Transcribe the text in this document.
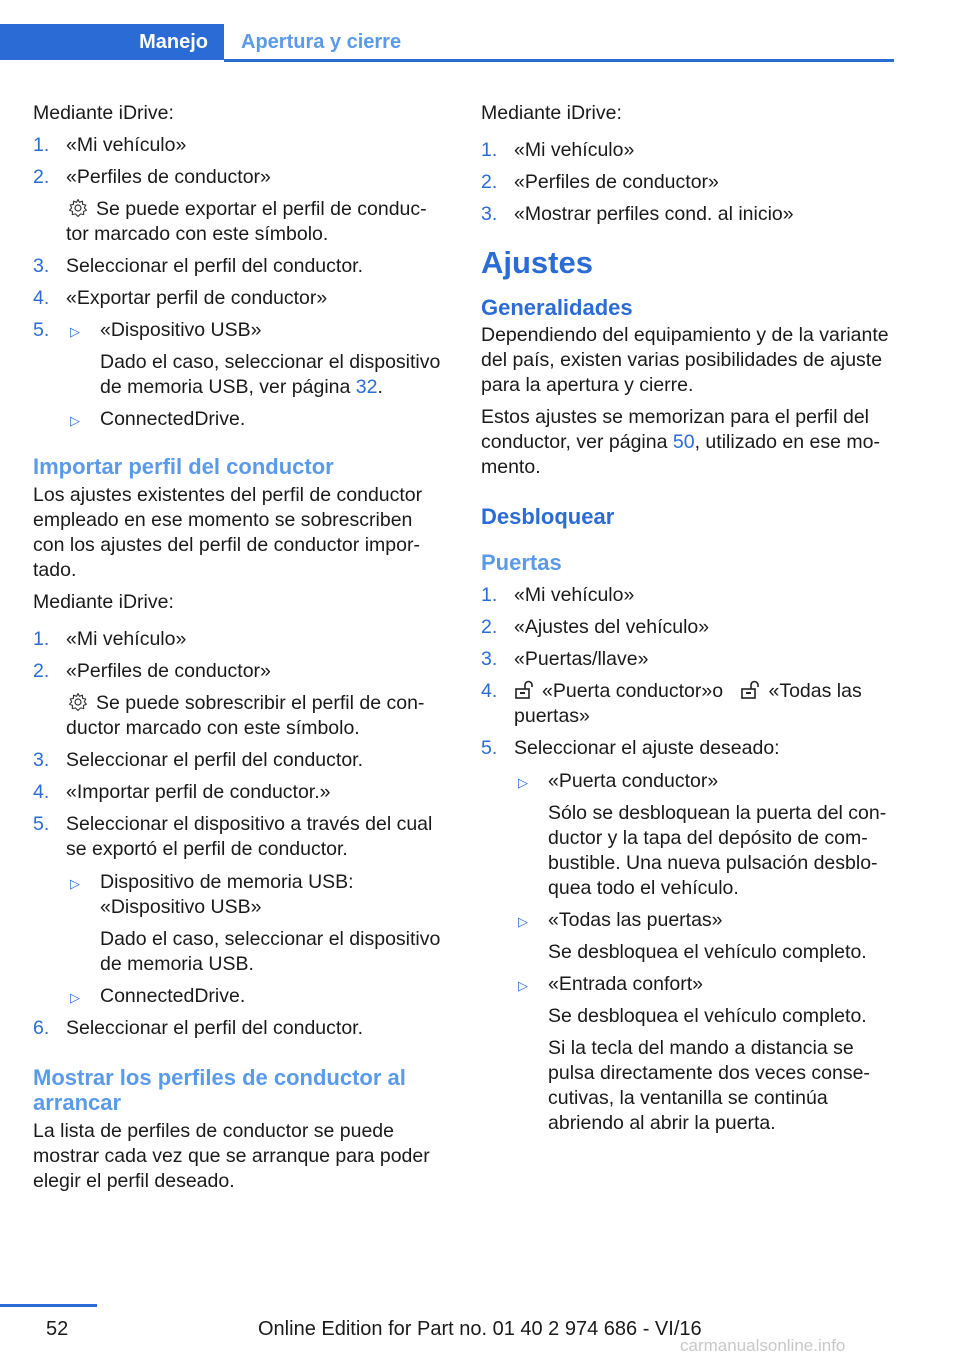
Manejo	Apertura y cierre

Mediante iDrive:

1. «Mi vehículo»
2. «Perfiles de conductor»
Se puede exportar el perfil de conduc-tor marcado con este símbolo.
3. Seleccionar el perfil del conductor.
4. «Exportar perfil de conductor»
5. ▷ «Dispositivo USB»
Dado el caso, seleccionar el dispositivo de memoria USB, ver página 32.
▷ ConnectedDrive.
Importar perfil del conductor

Los ajustes existentes del perfil de conductor empleado en ese momento se sobrescriben con los ajustes del perfil de conductor impor-tado.

Mediante iDrive:

1. «Mi vehículo»
2. «Perfiles de conductor»
Se puede sobrescribir el perfil de con-ductor marcado con este símbolo.
3. Seleccionar el perfil del conductor.
4. «Importar perfil de conductor.»
5. Seleccionar el dispositivo a través del cual se exportó el perfil de conductor.
▷ Dispositivo de memoria USB: «Dispositivo USB»
Dado el caso, seleccionar el dispositivo de memoria USB.
▷ ConnectedDrive.
6. Seleccionar el perfil del conductor.
Mostrar los perfiles de conductor al arrancar

La lista de perfiles de conductor se puede mostrar cada vez que se arranque para poder elegir el perfil deseado.

Mediante iDrive:

1. «Mi vehículo»
2. «Perfiles de conductor»
3. «Mostrar perfiles cond. al inicio»
Ajustes
Generalidades

Dependiendo del equipamiento y de la variante del país, existen varias posibilidades de ajuste para la apertura y cierre.

Estos ajustes se memorizan para el perfil del conductor, ver página 50, utilizado en ese mo-mento.

Desbloquear
Puertas
1. «Mi vehículo»
2. «Ajustes del vehículo»
3. «Puertas/llave»
4. «Puerta conductor»o «Todas las puertas»
5. Seleccionar el ajuste deseado:
▷ «Puerta conductor»
Sólo se desbloquean la puerta del con-ductor y la tapa del depósito de com-bustible. Una nueva pulsación desblo-quea todo el vehículo.
▷ «Todas las puertas»
Se desbloquea el vehículo completo.
▷ «Entrada confort»
Se desbloquea el vehículo completo.
Si la tecla del mando a distancia se pulsa directamente dos veces conse-cutivas, la ventanilla se continúa abriendo al abrir la puerta.
52	Online Edition for Part no. 01 40 2 974 686 - VI/16
carmanualsonline.info
